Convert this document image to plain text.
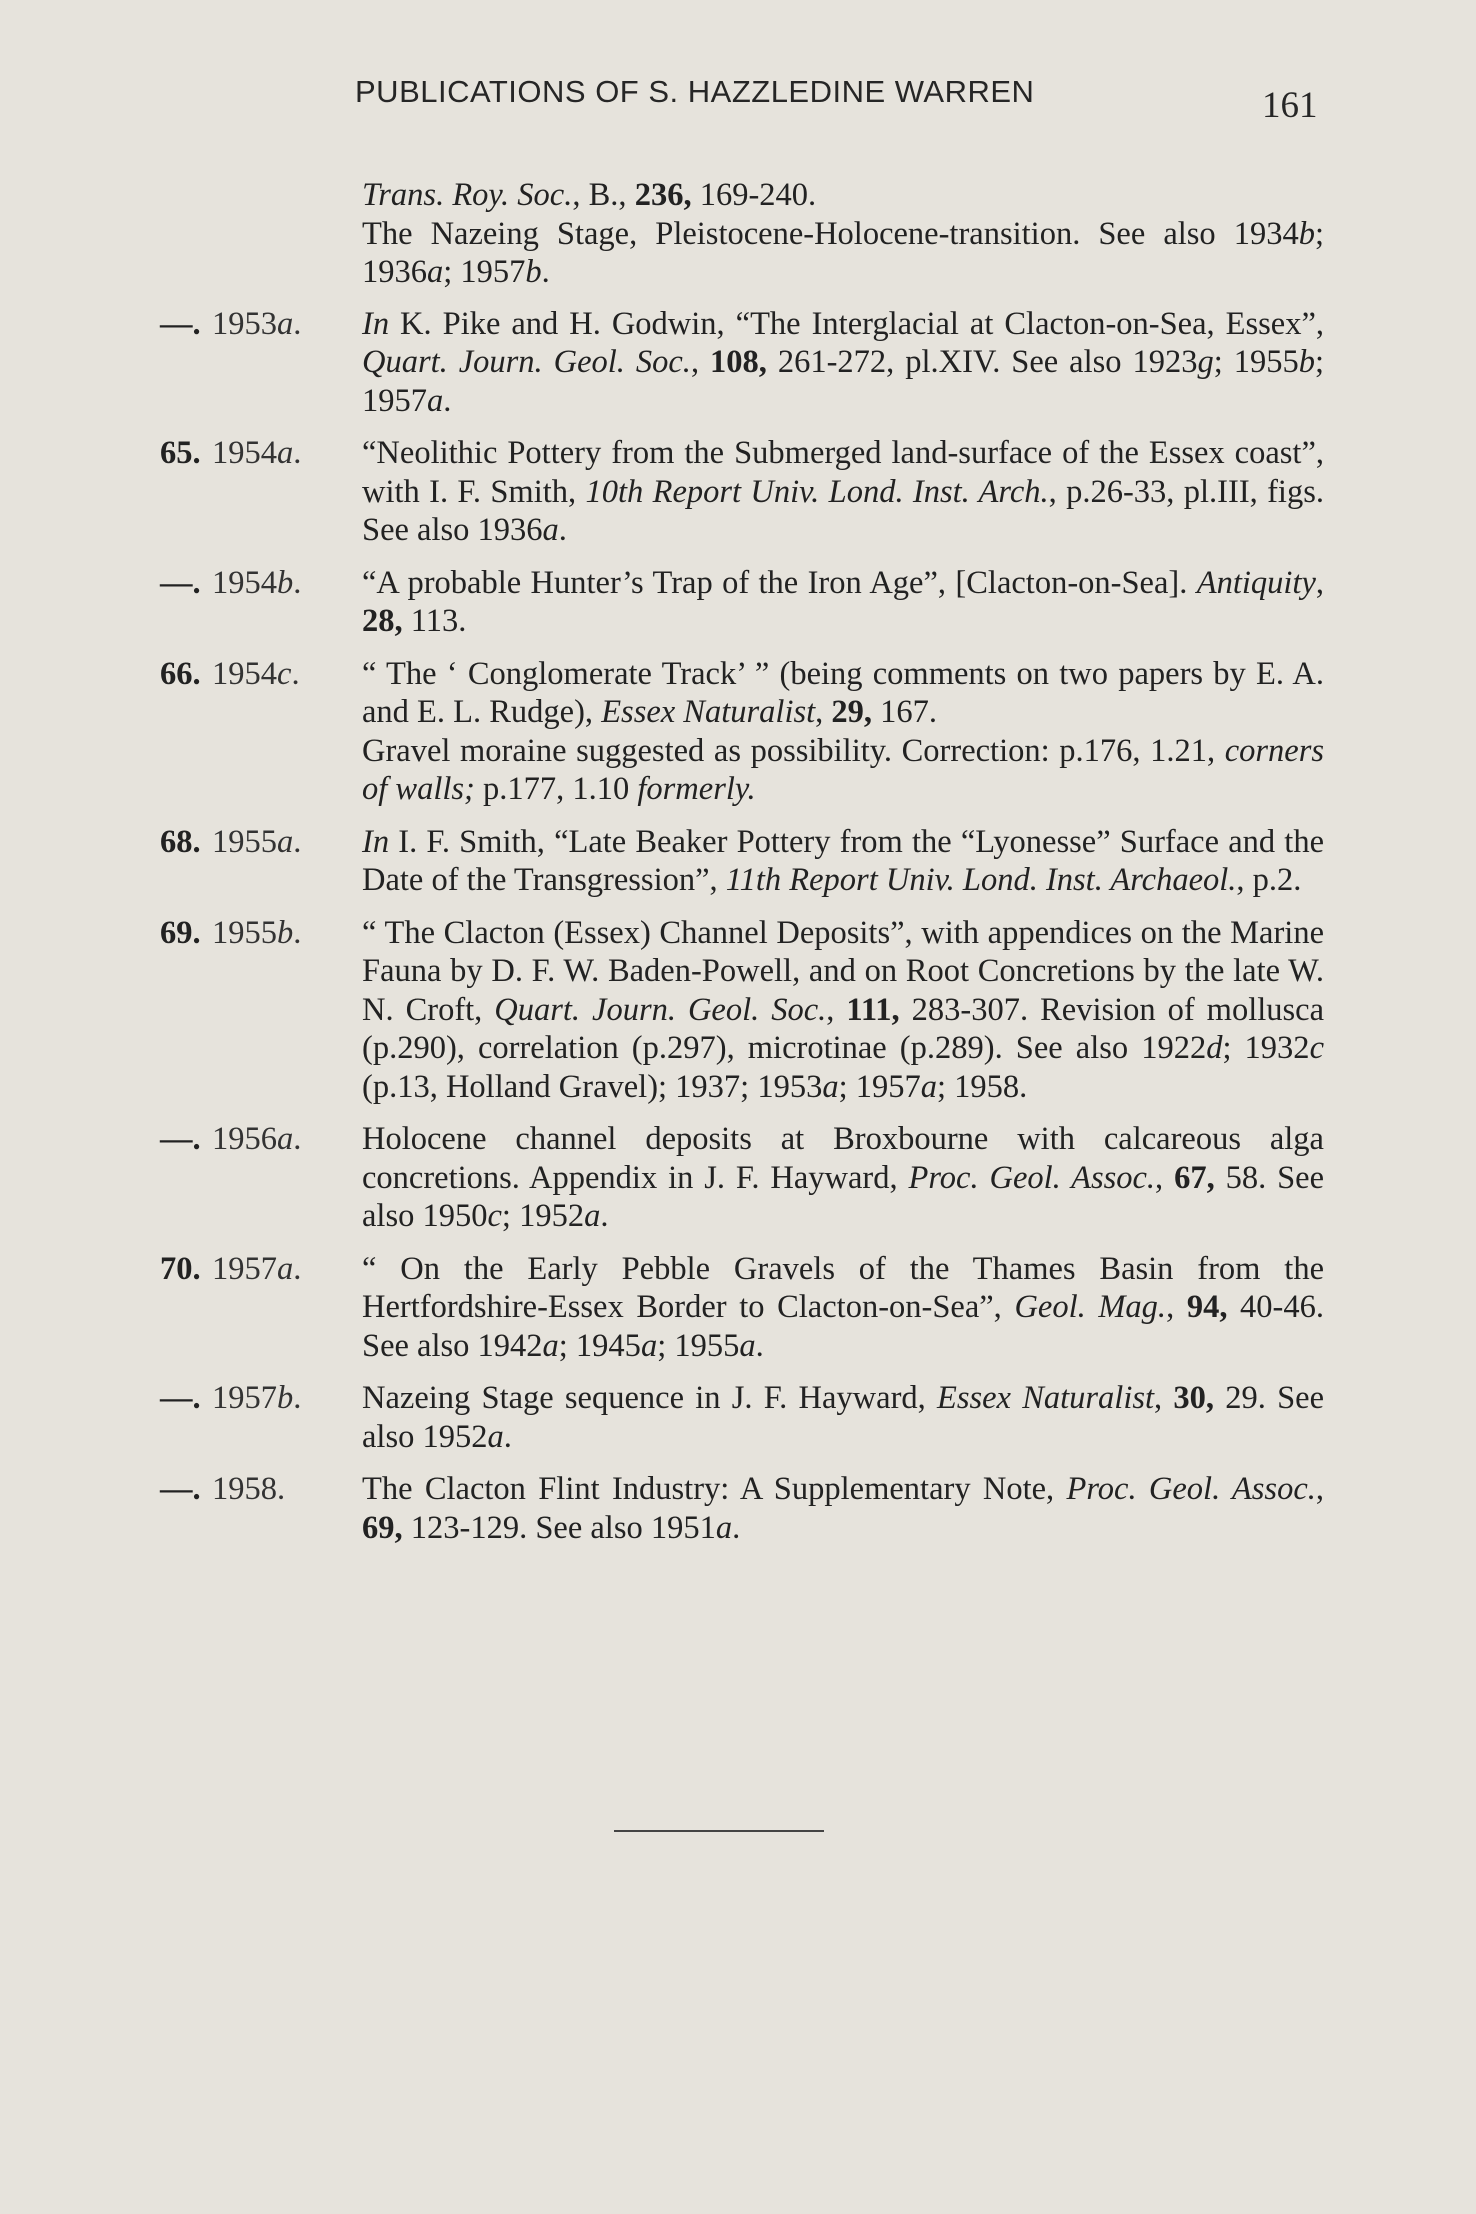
PUBLICATIONS OF S. HAZZLEDINE WARREN	161

Trans. Roy. Soc., B., 236, 169-240.

The Nazeing Stage, Pleistocene-Holocene-transition. See also 1934b; 1936a; 1957b.

—. 1953a.	In K. Pike and H. Godwin, “The Interglacial at Clacton-on-Sea, Essex”, Quart. Journ. Geol. Soc., 108, 261-272, pl.XIV. See also 1923g; 1955b; 1957a.

65. 1954a.	“Neolithic Pottery from the Submerged land-surface of the Essex coast”, with I. F. Smith, 10th Report Univ. Lond. Inst. Arch., p.26-33, pl.III, figs. See also 1936a.

—. 1954b.	“A probable Hunter’s Trap of the Iron Age”, [Clacton-on-Sea]. Antiquity, 28, 113.

66. 1954c.	“ The ‘ Conglomerate Track’ ” (being comments on two papers by E. A. and E. L. Rudge), Essex Naturalist, 29, 167.

Gravel moraine suggested as possibility. Correction: p.176, 1.21, corners of walls; p.177, 1.10 formerly.

68. 1955a.	In I. F. Smith, “Late Beaker Pottery from the “Lyonesse” Surface and the Date of the Transgression”, 11th Report Univ. Lond. Inst. Archaeol., p.2.

69. 1955b.	“ The Clacton (Essex) Channel Deposits”, with appendices on the Marine Fauna by D. F. W. Baden-Powell, and on Root Concretions by the late W. N. Croft, Quart. Journ. Geol. Soc., 111, 283-307. Revision of mollusca (p.290), correlation (p.297), microtinae (p.289). See also 1922d; 1932c (p.13, Holland Gravel); 1937; 1953a; 1957a; 1958.

—. 1956a.	Holocene channel deposits at Broxbourne with calcareous alga concretions. Appendix in J. F. Hayward, Proc. Geol. Assoc., 67, 58. See also 1950c; 1952a.

70. 1957a.	“ On the Early Pebble Gravels of the Thames Basin from the Hertfordshire-Essex Border to Clacton-on-Sea”, Geol. Mag., 94, 40-46. See also 1942a; 1945a; 1955a.

—. 1957b.	Nazeing Stage sequence in J. F. Hayward, Essex Naturalist, 30, 29. See also 1952a.

—. 1958.	The Clacton Flint Industry: A Supplementary Note, Proc. Geol. Assoc., 69, 123-129. See also 1951a.
